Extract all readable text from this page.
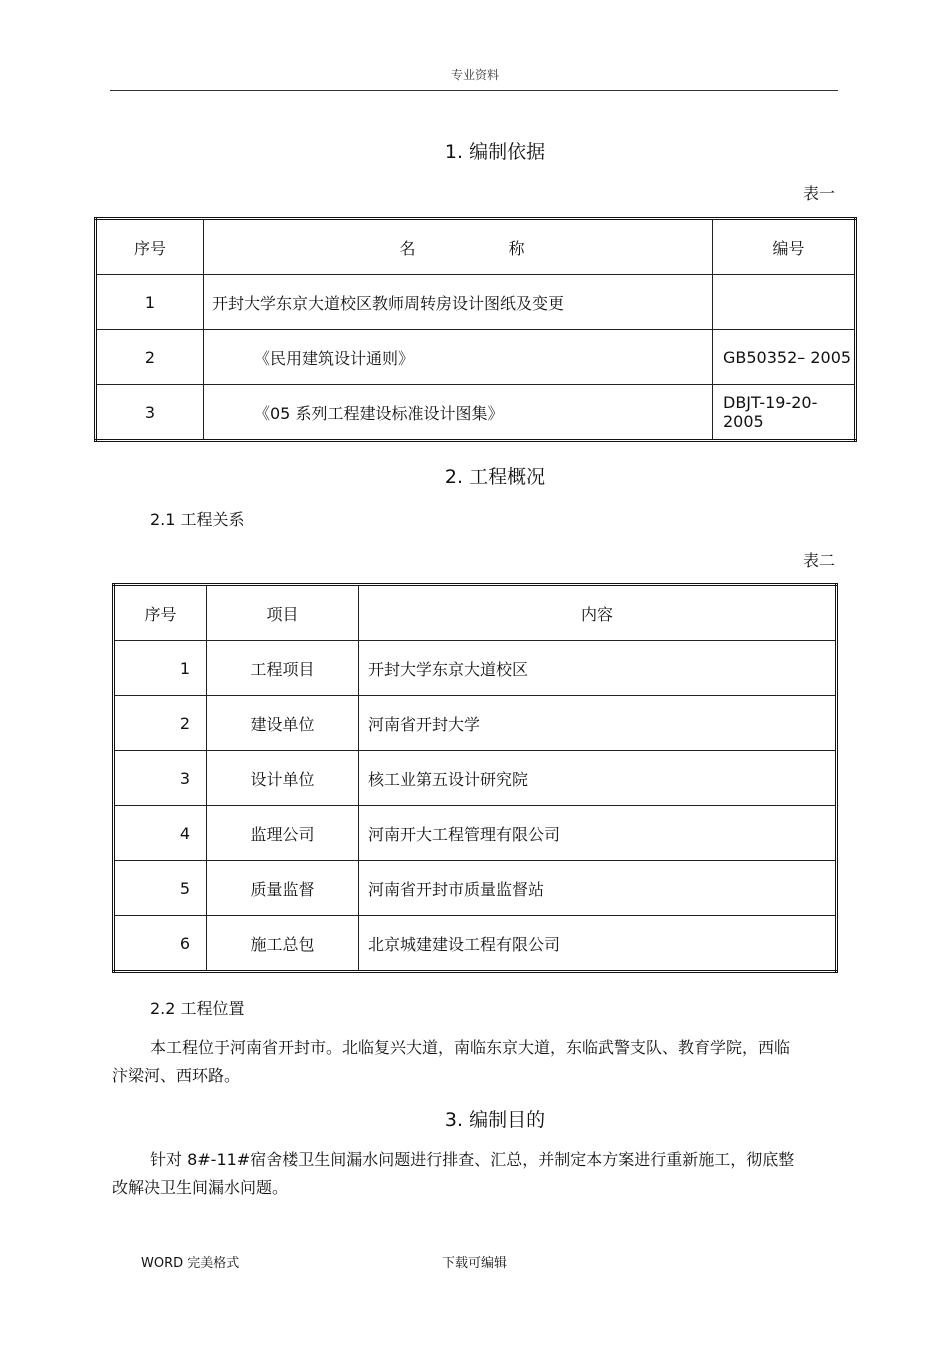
专业资料
1. 编制依据
表一
序号	名 称	编号
1	开封大学东京大道校区教师周转房设计图纸及变更	
2	《民用建筑设计通则》	GB50352– 2005
3	《05 系列工程建设标准设计图集》	DBJT-19-20-2005
2. 工程概况
2.1 工程关系
表二
序号	项目	内容
1	工程项目	开封大学东京大道校区
2	建设单位	河南省开封大学
3	设计单位	核工业第五设计研究院
4	监理公司	河南开大工程管理有限公司
5	质量监督	河南省开封市质量监督站
6	施工总包	北京城建建设工程有限公司
2.2 工程位置

本工程位于河南省开封市。北临复兴大道，南临东京大道，东临武警支队、教育学院，西临汴梁河、西环路。

3. 编制目的

针对 8#-11#宿舍楼卫生间漏水问题进行排查、汇总，并制定本方案进行重新施工，彻底整改解决卫生间漏水问题。

WORD 完美格式	下载可编辑
